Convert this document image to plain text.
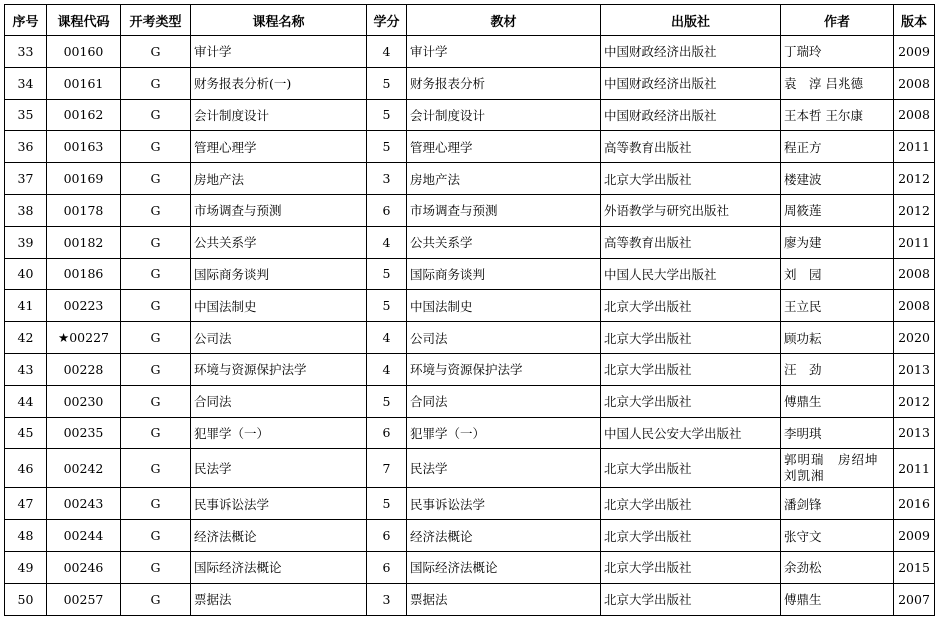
序号	课程代码	开考类型	课程名称	学分	教材	出版社	作者	版本
33	00160	G	审计学	4	审计学	中国财政经济出版社	丁瑞玲	2009
34	00161	G	财务报表分析(一)	5	财务报表分析	中国财政经济出版社	袁　淳 吕兆德	2008
35	00162	G	会计制度设计	5	会计制度设计	中国财政经济出版社	王本哲 王尔康	2008
36	00163	G	管理心理学	5	管理心理学	高等教育出版社	程正方	2011
37	00169	G	房地产法	3	房地产法	北京大学出版社	楼建波	2012
38	00178	G	市场调查与预测	6	市场调查与预测	外语教学与研究出版社	周筱莲	2012
39	00182	G	公共关系学	4	公共关系学	高等教育出版社	廖为建	2011
40	00186	G	国际商务谈判	5	国际商务谈判	中国人民大学出版社	刘　园	2008
41	00223	G	中国法制史	5	中国法制史	北京大学出版社	王立民	2008
42	★00227	G	公司法	4	公司法	北京大学出版社	顾功耘	2020
43	00228	G	环境与资源保护法学	4	环境与资源保护法学	北京大学出版社	汪　劲	2013
44	00230	G	合同法	5	合同法	北京大学出版社	傅鼎生	2012
45	00235	G	犯罪学（一）	6	犯罪学（一）	中国人民公安大学出版社	李明琪	2013
46	00242	G	民法学	7	民法学	北京大学出版社	郭明瑞　房绍坤 刘凯湘	2011
47	00243	G	民事诉讼法学	5	民事诉讼法学	北京大学出版社	潘剑锋	2016
48	00244	G	经济法概论	6	经济法概论	北京大学出版社	张守文	2009
49	00246	G	国际经济法概论	6	国际经济法概论	北京大学出版社	余劲松	2015
50	00257	G	票据法	3	票据法	北京大学出版社	傅鼎生	2007
